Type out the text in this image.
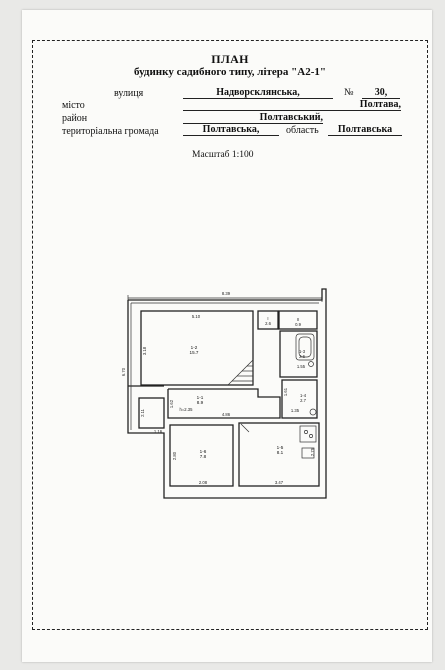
ПЛАН
будинку садибного типу, літера "А2-1"
вулиця	Надворсклянська,	№	30,
місто	Полтава,
район	Полтавський,
територіальна громада	Полтавська,	область	Полтавська
Масштаб 1:100
1-2
15.7
I
2.6
II
0.9
1-3
2.6
1-1
8.9
1-4
2.7
1-6
7.8
1-5
8.1
8.39
6.70
5.10
3.18
1.55
1.61
1.35
4.86
1.62
2.11
1.16
2.80
2.08	3.47
2.75
h=2.35
